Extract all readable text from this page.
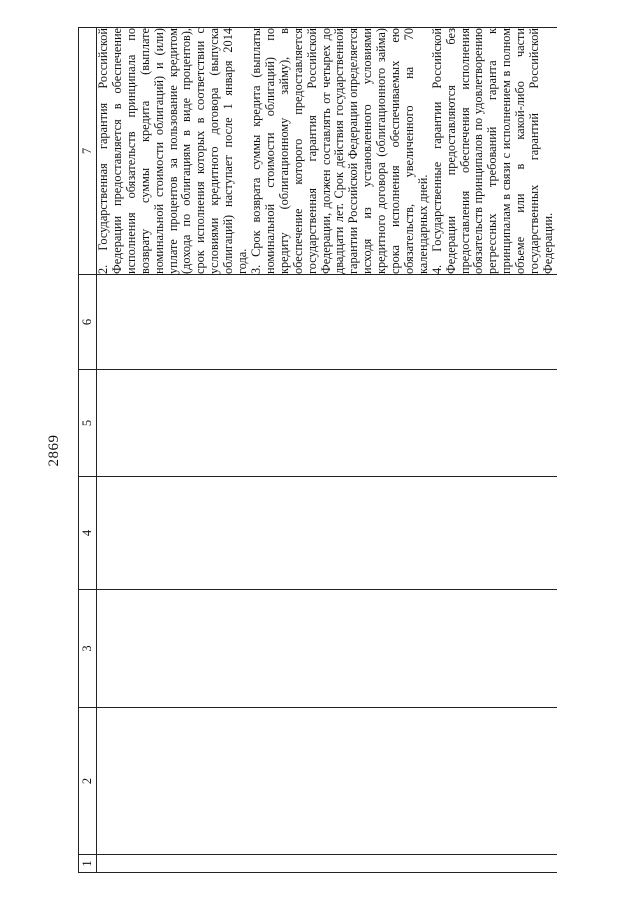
2869
1	2	3	4	5	6	7

						2. Государственная гарантия Российской Федерации предоставляется в обеспечение исполнения обязательств принципала по возврату суммы кредита (выплате номинальной стоимости облигаций) и (или) уплате процентов за пользование кредитом (дохода по облигациям в виде процентов), срок исполнения которых в соответствии с условиями кредитного договора (выпуска облигаций) наступает после 1 января 2014 года. 3. Срок возврата суммы кредита (выплаты номинальной стоимости облигаций) по кредиту (облигационному займу), в обеспечение которого предоставляется государственная гарантия Российской Федерации, должен составлять от четырех до двадцати лет. Срок действия государственной гарантии Российской Федерации определяется исходя из установленного условиями кредитного договора (облигационного займа) срока исполнения обеспечиваемых ею обязательств, увеличенного на 70 календарных дней. 4. Государственные гарантии Российской Федерации предоставляются без предоставления обеспечения исполнения обязательств принципалов по удовлетворению регрессных требований гаранта к принципалам в связи с исполнением в полном объеме или в какой-либо части государственных гарантий Российской Федерации.
